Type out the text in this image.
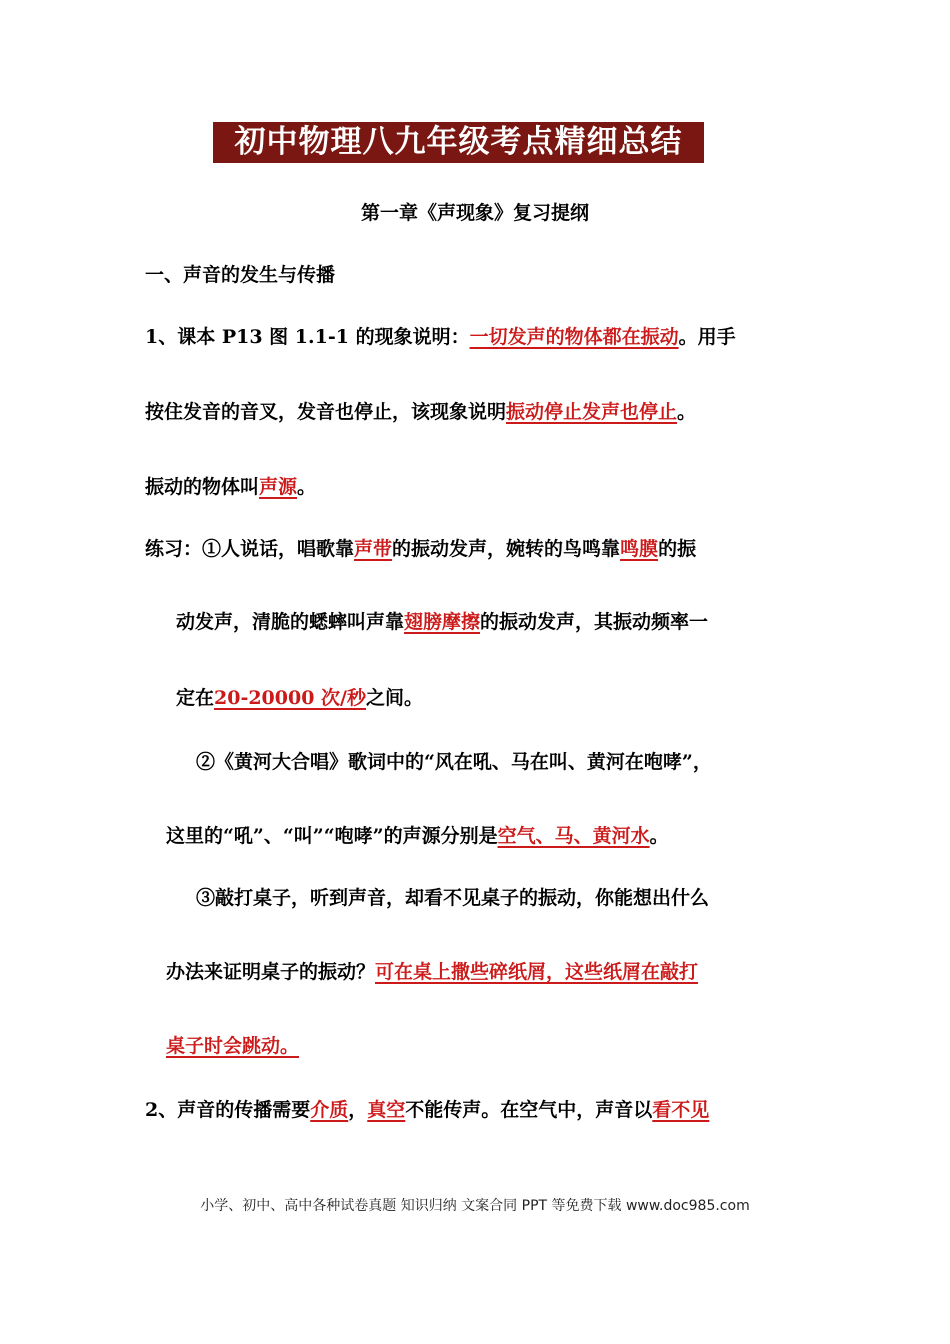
初中物理八九年级考点精细总结
第一章《声现象》复习提纲
一、声音的发生与传播
1、课本 P13 图 1.1-1 的现象说明：一切发声的物体都在振动。用手
按住发音的音叉，发音也停止，该现象说明振动停止发声也停止。
振动的物体叫声源。
练习：①人说话，唱歌靠声带的振动发声，婉转的鸟鸣靠鸣膜的振
动发声，清脆的蟋蟀叫声靠翅膀摩擦的振动发声，其振动频率一
定在20-20000 次/秒之间。
②《黄河大合唱》歌词中的“风在吼、马在叫、黄河在咆哮”，
这里的“吼”、“叫”“咆哮”的声源分别是空气、马、黄河水。
③敲打桌子，听到声音，却看不见桌子的振动，你能想出什么
办法来证明桌子的振动？可在桌上撒些碎纸屑，这些纸屑在敲打
桌子时会跳动。
2、声音的传播需要介质，真空不能传声。在空气中，声音以看不见
小学、初中、高中各种试卷真题 知识归纳 文案合同 PPT 等免费下载 www.doc985.com
